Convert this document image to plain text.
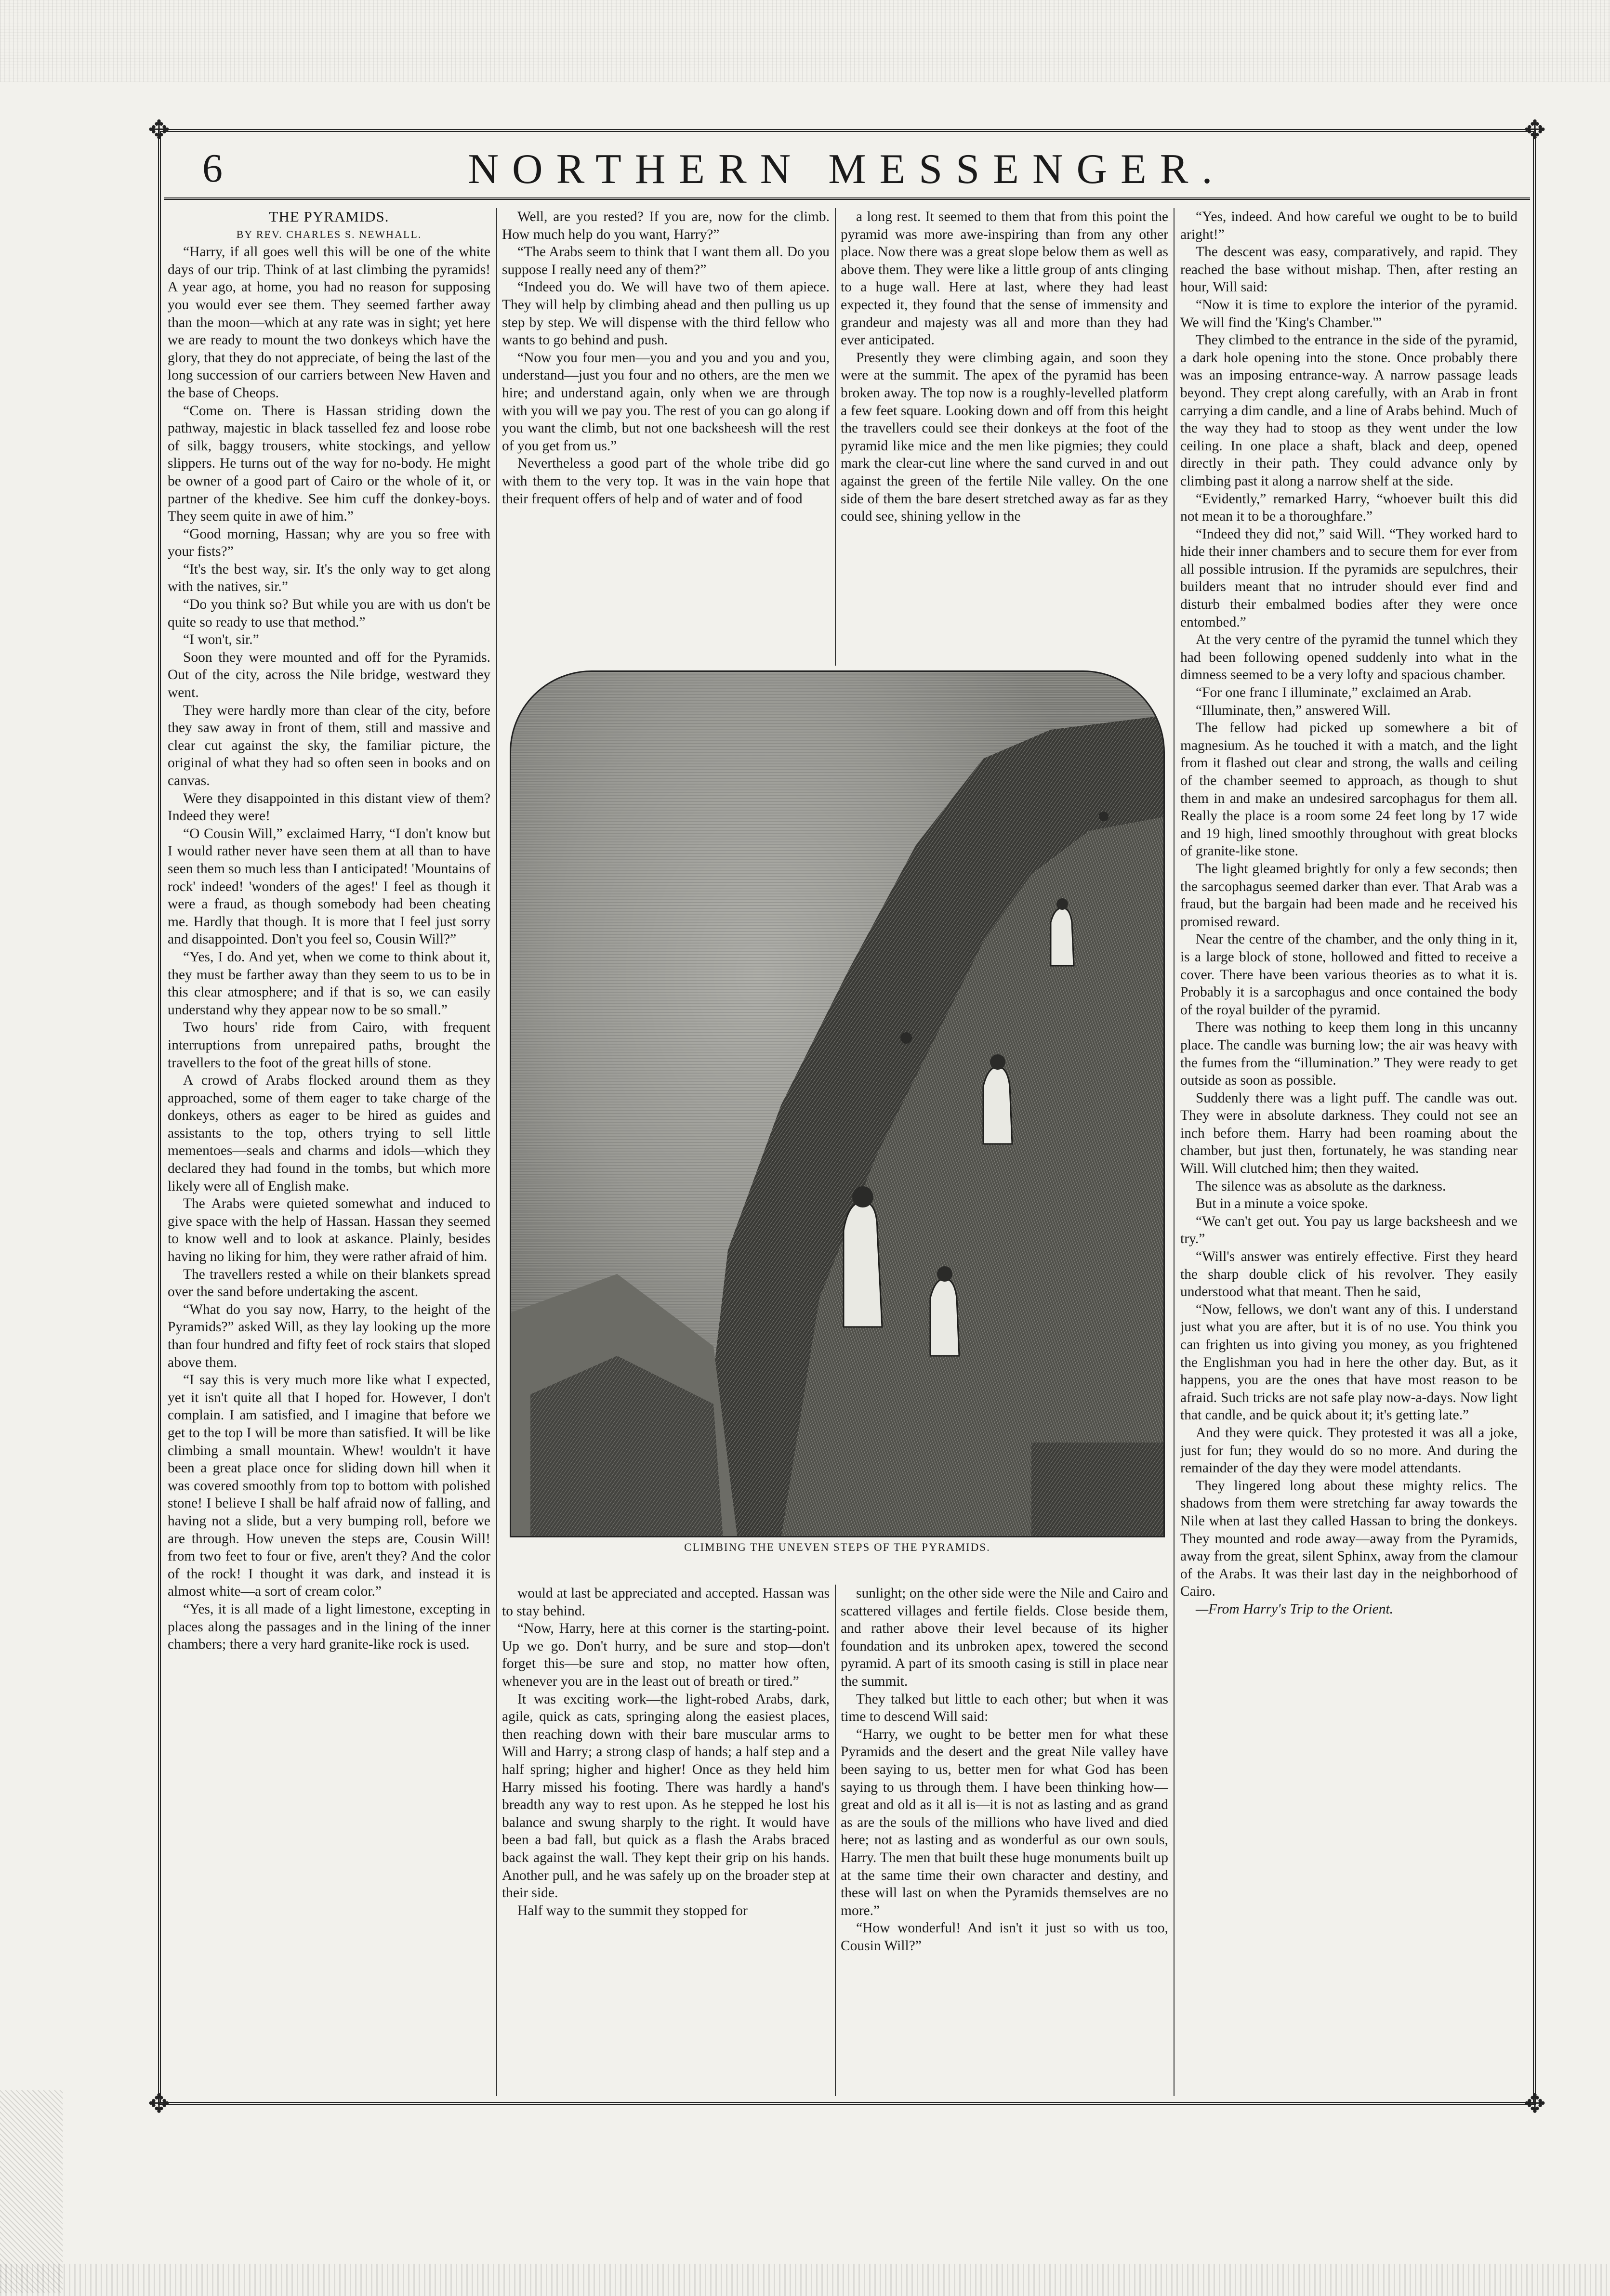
✥	✥
✥	✥
NORTHERN MESSENGER.
6

THE PYRAMIDS.

BY REV. CHARLES S. NEWHALL.

“Harry, if all goes well this will be one of the white days of our trip. Think of at last climbing the pyramids! A year ago, at home, you had no reason for supposing you would ever see them. They seemed farther away than the moon—which at any rate was in sight; yet here we are ready to mount the two donkeys which have the glory, that they do not appreciate, of being the last of the long succession of our carriers between New Haven and the base of Cheops.

“Come on. There is Hassan striding down the pathway, majestic in black tasselled fez and loose robe of silk, baggy trousers, white stockings, and yellow slippers. He turns out of the way for no-body. He might be owner of a good part of Cairo or the whole of it, or partner of the khedive. See him cuff the donkey-boys. They seem quite in awe of him.”

“Good morning, Hassan; why are you so free with your fists?”

“It's the best way, sir. It's the only way to get along with the natives, sir.”

“Do you think so? But while you are with us don't be quite so ready to use that method.”

“I won't, sir.”

Soon they were mounted and off for the Pyramids. Out of the city, across the Nile bridge, westward they went.

They were hardly more than clear of the city, before they saw away in front of them, still and massive and clear cut against the sky, the familiar picture, the original of what they had so often seen in books and on canvas.

Were they disappointed in this distant view of them? Indeed they were!

“O Cousin Will,” exclaimed Harry, “I don't know but I would rather never have seen them at all than to have seen them so much less than I anticipated! 'Mountains of rock' indeed! 'wonders of the ages!' I feel as though it were a fraud, as though somebody had been cheating me. Hardly that though. It is more that I feel just sorry and disappointed. Don't you feel so, Cousin Will?”

“Yes, I do. And yet, when we come to think about it, they must be farther away than they seem to us to be in this clear atmosphere; and if that is so, we can easily understand why they appear now to be so small.”

Two hours' ride from Cairo, with frequent interruptions from unrepaired paths, brought the travellers to the foot of the great hills of stone.

A crowd of Arabs flocked around them as they approached, some of them eager to take charge of the donkeys, others as eager to be hired as guides and assistants to the top, others trying to sell little mementoes—seals and charms and idols—which they declared they had found in the tombs, but which more likely were all of English make.

The Arabs were quieted somewhat and induced to give space with the help of Hassan. Hassan they seemed to know well and to look at askance. Plainly, besides having no liking for him, they were rather afraid of him.

The travellers rested a while on their blankets spread over the sand before undertaking the ascent.

“What do you say now, Harry, to the height of the Pyramids?” asked Will, as they lay looking up the more than four hundred and fifty feet of rock stairs that sloped above them.

“I say this is very much more like what I expected, yet it isn't quite all that I hoped for. However, I don't complain. I am satisfied, and I imagine that before we get to the top I will be more than satisfied. It will be like climbing a small mountain. Whew! wouldn't it have been a great place once for sliding down hill when it was covered smoothly from top to bottom with polished stone! I believe I shall be half afraid now of falling, and having not a slide, but a very bumping roll, before we are through. How uneven the steps are, Cousin Will! from two feet to four or five, aren't they? And the color of the rock! I thought it was dark, and instead it is almost white—a sort of cream color.”

“Yes, it is all made of a light limestone, excepting in places along the passages and in the lining of the inner chambers; there a very hard granite-like rock is used.

Well, are you rested? If you are, now for the climb. How much help do you want, Harry?”

“The Arabs seem to think that I want them all. Do you suppose I really need any of them?”

“Indeed you do. We will have two of them apiece. They will help by climbing ahead and then pulling us up step by step. We will dispense with the third fellow who wants to go behind and push.

“Now you four men—you and you and you and you, understand—just you four and no others, are the men we hire; and understand again, only when we are through with you will we pay you. The rest of you can go along if you want the climb, but not one backsheesh will the rest of you get from us.”

Nevertheless a good part of the whole tribe did go with them to the very top. It was in the vain hope that their frequent offers of help and of water and of food

a long rest. It seemed to them that from this point the pyramid was more awe-inspiring than from any other place. Now there was a great slope below them as well as above them. They were like a little group of ants clinging to a huge wall. Here at last, where they had least expected it, they found that the sense of immensity and grandeur and majesty was all and more than they had ever anticipated.

Presently they were climbing again, and soon they were at the summit. The apex of the pyramid has been broken away. The top now is a roughly-levelled platform a few feet square. Looking down and off from this height the travellers could see their donkeys at the foot of the pyramid like mice and the men like pigmies; they could mark the clear-cut line where the sand curved in and out against the green of the fertile Nile valley. On the one side of them the bare desert stretched away as far as they could see, shining yellow in the

CLIMBING THE UNEVEN STEPS OF THE PYRAMIDS.

would at last be appreciated and accepted. Hassan was to stay behind.

“Now, Harry, here at this corner is the starting-point. Up we go. Don't hurry, and be sure and stop—don't forget this—be sure and stop, no matter how often, whenever you are in the least out of breath or tired.”

It was exciting work—the light-robed Arabs, dark, agile, quick as cats, springing along the easiest places, then reaching down with their bare muscular arms to Will and Harry; a strong clasp of hands; a half step and a half spring; higher and higher! Once as they held him Harry missed his footing. There was hardly a hand's breadth any way to rest upon. As he stepped he lost his balance and swung sharply to the right. It would have been a bad fall, but quick as a flash the Arabs braced back against the wall. They kept their grip on his hands. Another pull, and he was safely up on the broader step at their side.

Half way to the summit they stopped for

sunlight; on the other side were the Nile and Cairo and scattered villages and fertile fields. Close beside them, and rather above their level because of its higher foundation and its unbroken apex, towered the second pyramid. A part of its smooth casing is still in place near the summit.

They talked but little to each other; but when it was time to descend Will said:

“Harry, we ought to be better men for what these Pyramids and the desert and the great Nile valley have been saying to us, better men for what God has been saying to us through them. I have been thinking how—great and old as it all is—it is not as lasting and as grand as are the souls of the millions who have lived and died here; not as lasting and as wonderful as our own souls, Harry. The men that built these huge monuments built up at the same time their own character and destiny, and these will last on when the Pyramids themselves are no more.”

“How wonderful! And isn't it just so with us too, Cousin Will?”

“Yes, indeed. And how careful we ought to be to build aright!”

The descent was easy, comparatively, and rapid. They reached the base without mishap. Then, after resting an hour, Will said:

“Now it is time to explore the interior of the pyramid. We will find the 'King's Chamber.'”

They climbed to the entrance in the side of the pyramid, a dark hole opening into the stone. Once probably there was an imposing entrance-way. A narrow passage leads beyond. They crept along carefully, with an Arab in front carrying a dim candle, and a line of Arabs behind. Much of the way they had to stoop as they went under the low ceiling. In one place a shaft, black and deep, opened directly in their path. They could advance only by climbing past it along a narrow shelf at the side.

“Evidently,” remarked Harry, “whoever built this did not mean it to be a thoroughfare.”

“Indeed they did not,” said Will. “They worked hard to hide their inner chambers and to secure them for ever from all possible intrusion. If the pyramids are sepulchres, their builders meant that no intruder should ever find and disturb their embalmed bodies after they were once entombed.”

At the very centre of the pyramid the tunnel which they had been following opened suddenly into what in the dimness seemed to be a very lofty and spacious chamber.

“For one franc I illuminate,” exclaimed an Arab.

“Illuminate, then,” answered Will.

The fellow had picked up somewhere a bit of magnesium. As he touched it with a match, and the light from it flashed out clear and strong, the walls and ceiling of the chamber seemed to approach, as though to shut them in and make an undesired sarcophagus for them all. Really the place is a room some 24 feet long by 17 wide and 19 high, lined smoothly throughout with great blocks of granite-like stone.

The light gleamed brightly for only a few seconds; then the sarcophagus seemed darker than ever. That Arab was a fraud, but the bargain had been made and he received his promised reward.

Near the centre of the chamber, and the only thing in it, is a large block of stone, hollowed and fitted to receive a cover. There have been various theories as to what it is. Probably it is a sarcophagus and once contained the body of the royal builder of the pyramid.

There was nothing to keep them long in this uncanny place. The candle was burning low; the air was heavy with the fumes from the “illumination.” They were ready to get outside as soon as possible.

Suddenly there was a light puff. The candle was out. They were in absolute darkness. They could not see an inch before them. Harry had been roaming about the chamber, but just then, fortunately, he was standing near Will. Will clutched him; then they waited.

The silence was as absolute as the darkness.

But in a minute a voice spoke.

“We can't get out. You pay us large backsheesh and we try.”

“Will's answer was entirely effective. First they heard the sharp double click of his revolver. They easily understood what that meant. Then he said,

“Now, fellows, we don't want any of this. I understand just what you are after, but it is of no use. You think you can frighten us into giving you money, as you frightened the Englishman you had in here the other day. But, as it happens, you are the ones that have most reason to be afraid. Such tricks are not safe play now-a-days. Now light that candle, and be quick about it; it's getting late.”

And they were quick. They protested it was all a joke, just for fun; they would do so no more. And during the remainder of the day they were model attendants.

They lingered long about these mighty relics. The shadows from them were stretching far away towards the Nile when at last they called Hassan to bring the donkeys. They mounted and rode away—away from the Pyramids, away from the great, silent Sphinx, away from the clamour of the Arabs. It was their last day in the neighborhood of Cairo.

—From Harry's Trip to the Orient.
